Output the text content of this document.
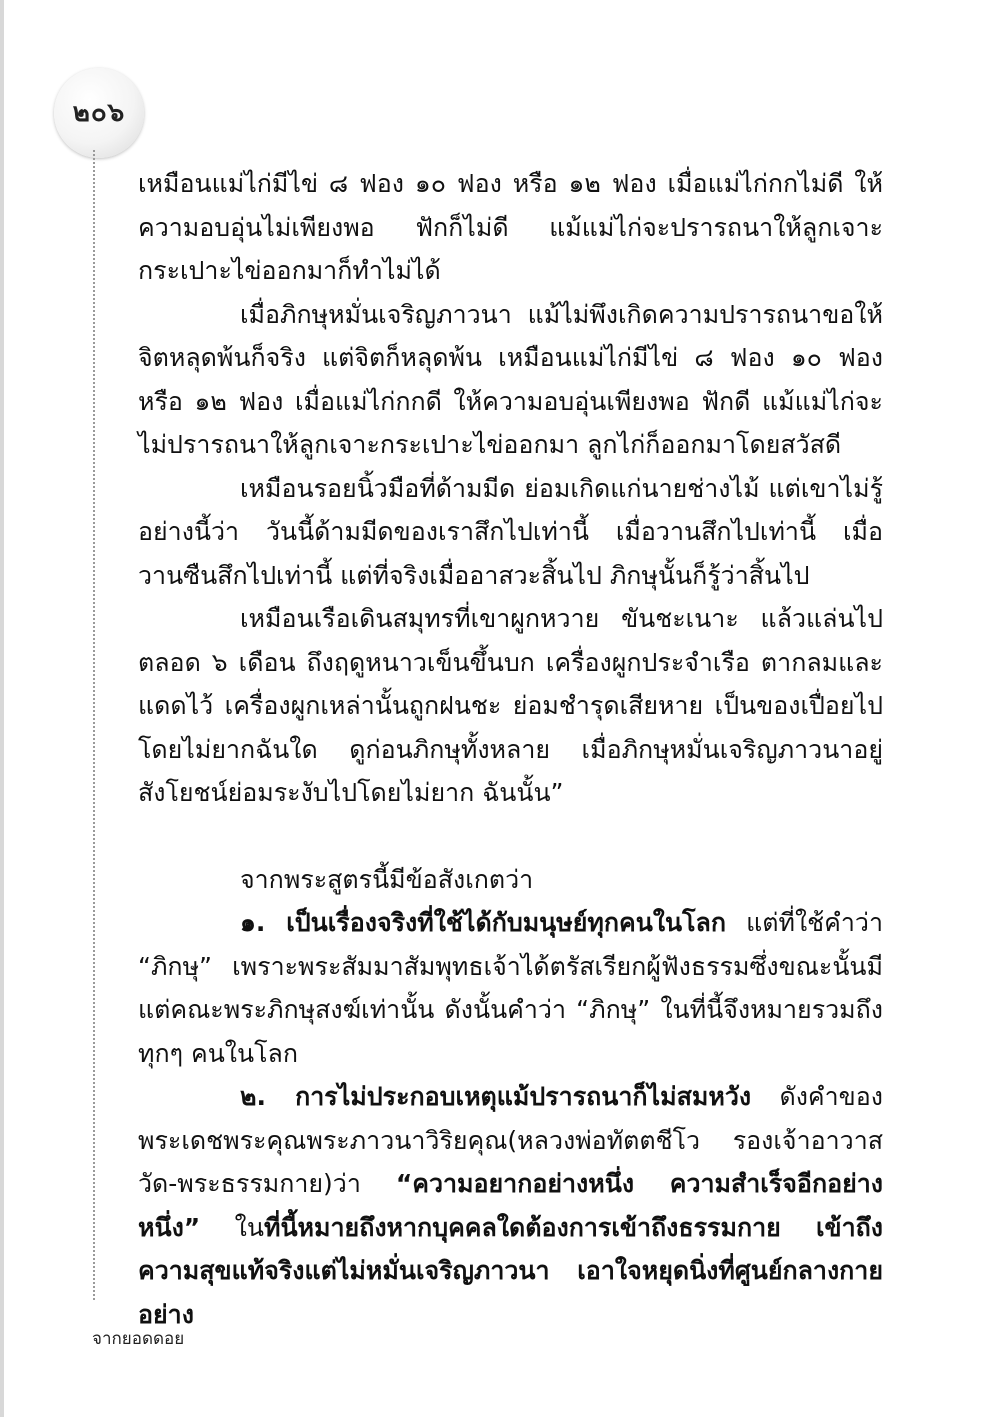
๒๐๖

เหมือนแม่ไก่มีไข่ ๘ ฟอง ๑๐ ฟอง หรือ ๑๒ ฟอง เมื่อแม่ไก่กกไม่ดี ให้ความอบอุ่นไม่เพียงพอ ฟักก็ไม่ดี แม้แม่ไก่จะปรารถนาให้ลูกเจาะกระเปาะไข่ออกมาก็ทำไม่ได้

เมื่อภิกษุหมั่นเจริญภาวนา แม้ไม่พึงเกิดความปรารถนาขอให้จิตหลุดพ้นก็จริง แต่จิตก็หลุดพ้น เหมือนแม่ไก่มีไข่ ๘ ฟอง ๑๐ ฟอง หรือ ๑๒ ฟอง เมื่อแม่ไก่กกดี ให้ความอบอุ่นเพียงพอ ฟักดี แม้แม่ไก่จะไม่ปรารถนาให้ลูกเจาะกระเปาะไข่ออกมา ลูกไก่ก็ออกมาโดยสวัสดี

เหมือนรอยนิ้วมือที่ด้ามมีด ย่อมเกิดแก่นายช่างไม้ แต่เขาไม่รู้อย่างนี้ว่า วันนี้ด้ามมีดของเราสึกไปเท่านี้ เมื่อวานสึกไปเท่านี้ เมื่อวานซืนสึกไปเท่านี้ แต่ที่จริงเมื่ออาสวะสิ้นไป ภิกษุนั้นก็รู้ว่าสิ้นไป

เหมือนเรือเดินสมุทรที่เขาผูกหวาย ขันชะเนาะ แล้วแล่นไปตลอด ๖ เดือน ถึงฤดูหนาวเข็นขึ้นบก เครื่องผูกประจำเรือ ตากลมและแดดไว้ เครื่องผูกเหล่านั้นถูกฝนชะ ย่อมชำรุดเสียหาย เป็นของเปื่อยไปโดยไม่ยากฉันใด ดูก่อนภิกษุทั้งหลาย เมื่อภิกษุหมั่นเจริญภาวนาอยู่ สังโยชน์ย่อมระงับไปโดยไม่ยาก ฉันนั้น”

จากพระสูตรนี้มีข้อสังเกตว่า

๑. เป็นเรื่องจริงที่ใช้ได้กับมนุษย์ทุกคนในโลก แต่ที่ใช้คำว่า “ภิกษุ” เพราะพระสัมมาสัมพุทธเจ้าได้ตรัสเรียกผู้ฟังธรรมซึ่งขณะนั้นมีแต่คณะพระภิกษุสงฆ์เท่านั้น ดังนั้นคำว่า “ภิกษุ” ในที่นี้จึงหมายรวมถึงทุกๆ คนในโลก

๒. การไม่ประกอบเหตุแม้ปรารถนาก็ไม่สมหวัง ดังคำของพระเดชพระคุณพระภาวนาวิริยคุณ(หลวงพ่อทัตตชีโว รองเจ้าอาวาสวัด-พระธรรมกาย)ว่า “ความอยากอย่างหนึ่ง ความสำเร็จอีกอย่างหนึ่ง” ในที่นี้หมายถึงหากบุคคลใดต้องการเข้าถึงธรรมกาย เข้าถึงความสุขแท้จริงแต่ไม่หมั่นเจริญภาวนา เอาใจหยุดนิ่งที่ศูนย์กลางกาย อย่าง

จากยอดดอย
